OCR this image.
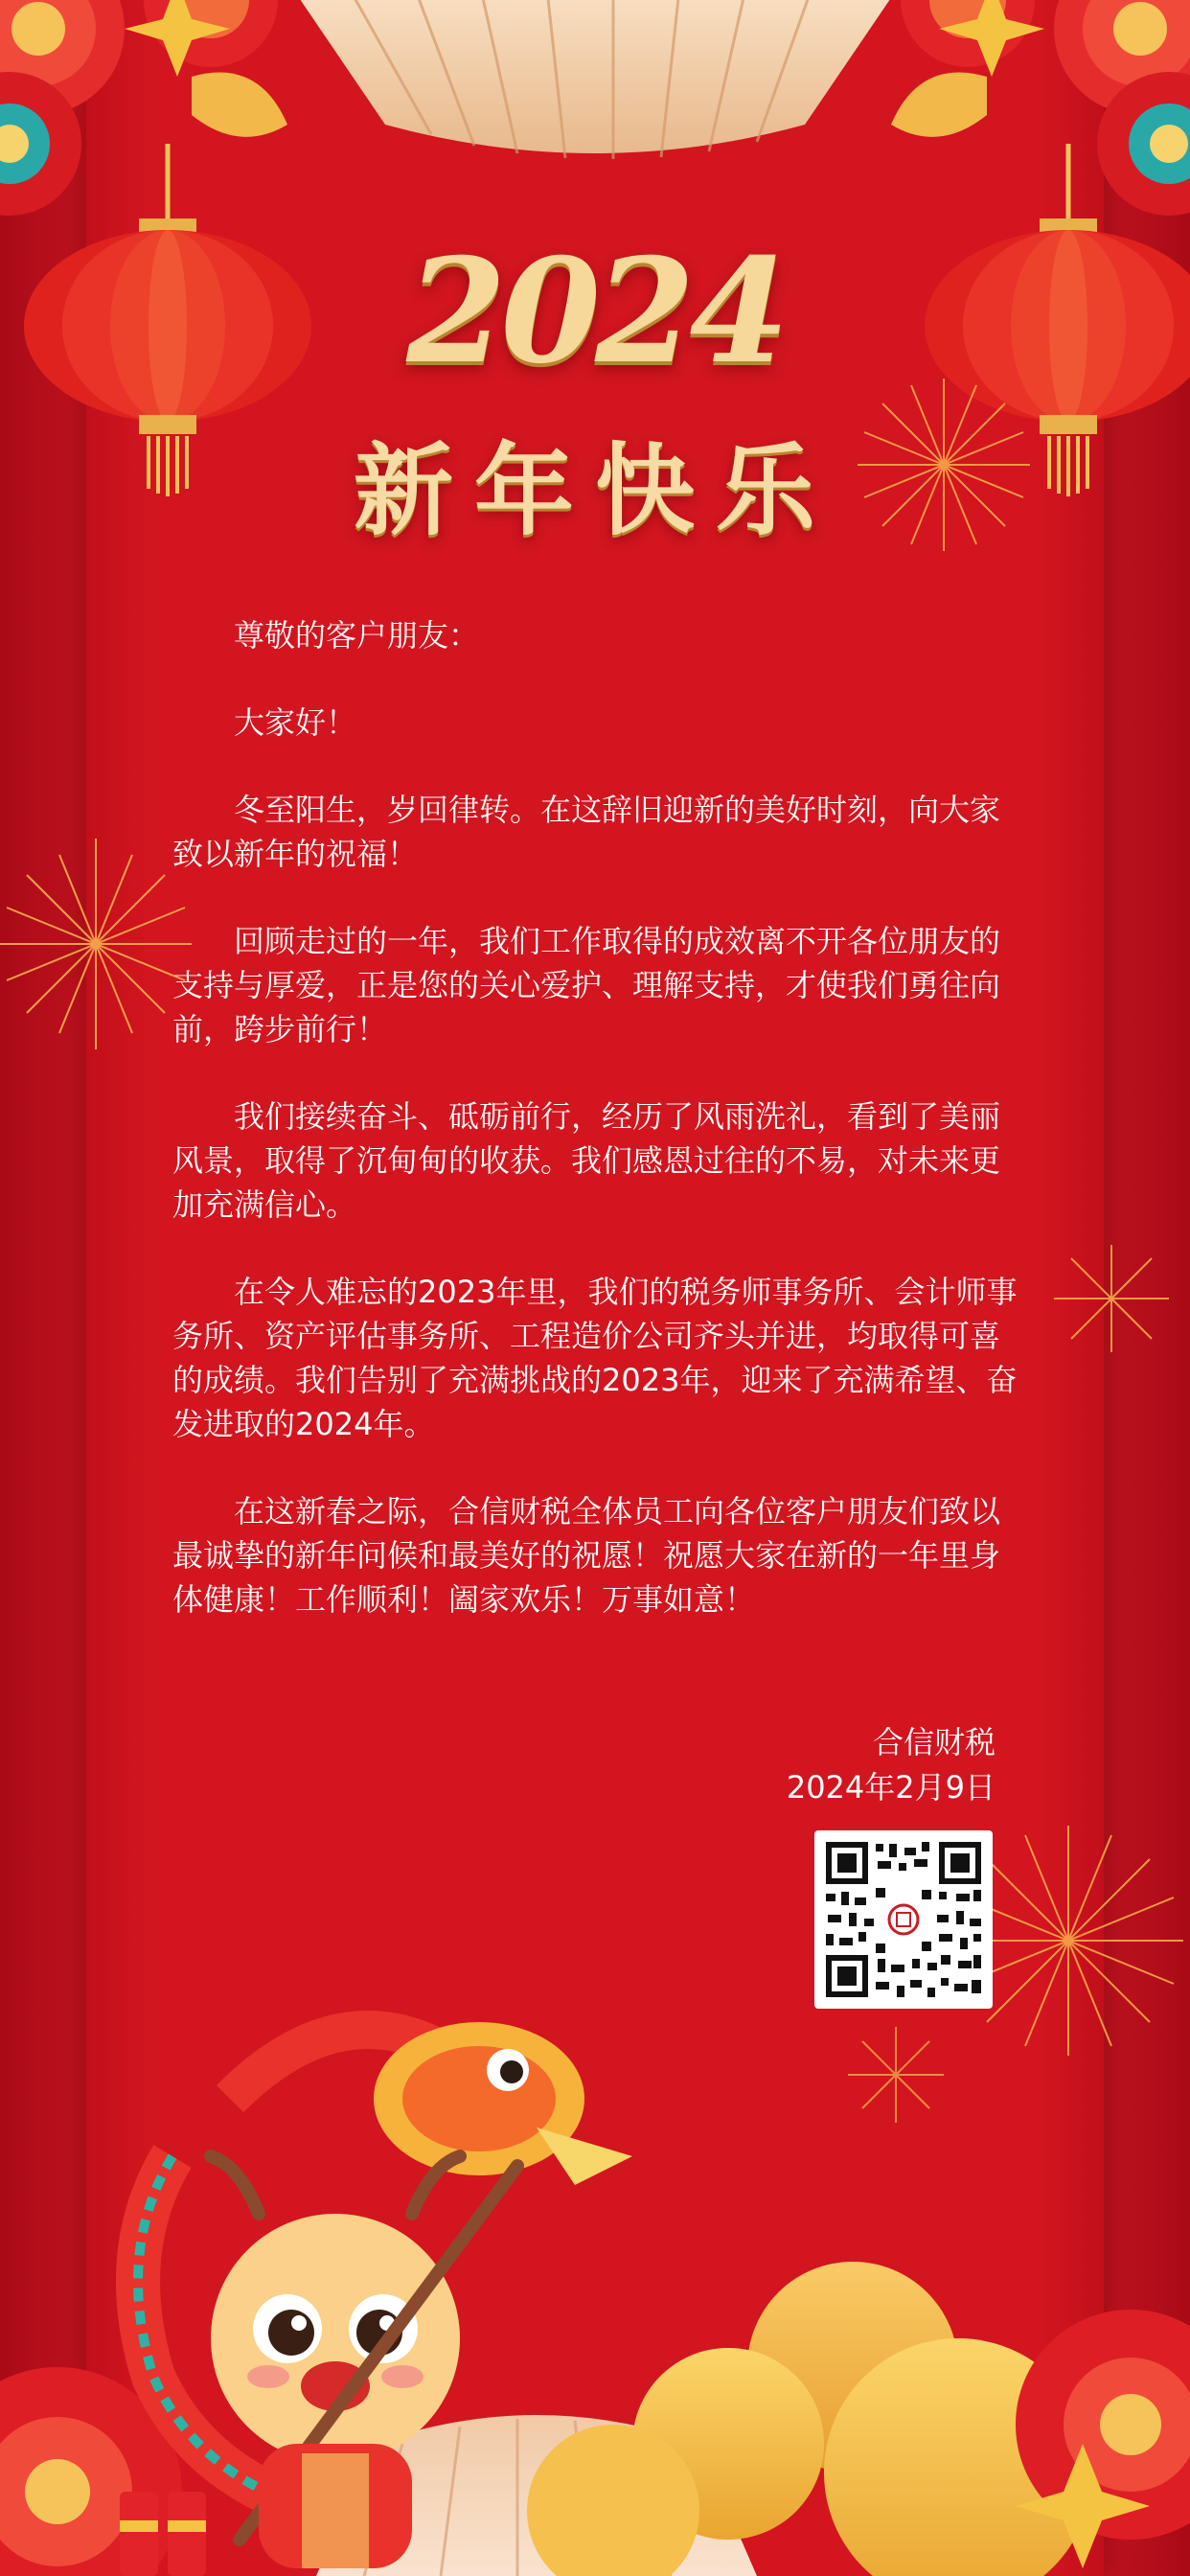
2024
新年快乐

尊敬的客户朋友：

大家好！

冬至阳生，岁回律转。在这辞旧迎新的美好时刻，向大家致以新年的祝福！

回顾走过的一年，我们工作取得的成效离不开各位朋友的支持与厚爱，正是您的关心爱护、理解支持，才使我们勇往向前，跨步前行！

我们接续奋斗、砥砺前行，经历了风雨洗礼，看到了美丽风景，取得了沉甸甸的收获。我们感恩过往的不易，对未来更加充满信心。

在令人难忘的2023年里，我们的税务师事务所、会计师事务所、资产评估事务所、工程造价公司齐头并进，均取得可喜的成绩。我们告别了充满挑战的2023年，迎来了充满希望、奋发进取的2024年。

在这新春之际，合信财税全体员工向各位客户朋友们致以最诚挚的新年问候和最美好的祝愿！祝愿大家在新的一年里身体健康！工作顺利！阖家欢乐！万事如意！

合信财税
2024年2月9日
